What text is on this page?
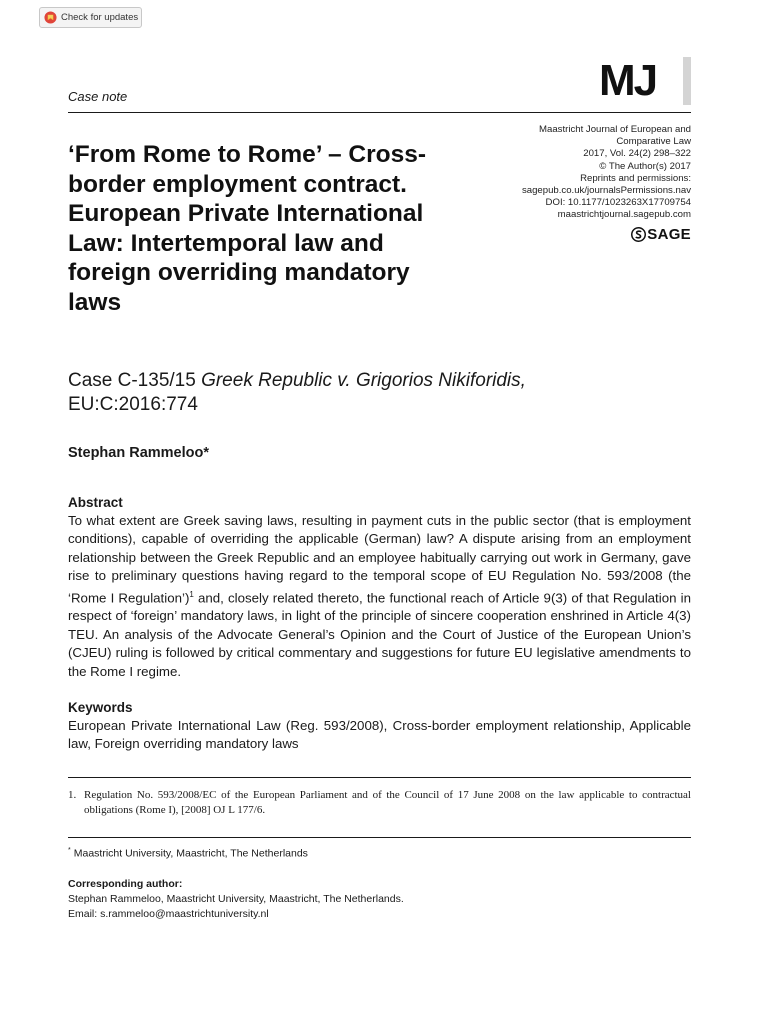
Check for updates
Case note	MJ
‘From Rome to Rome’ – Cross-border employment contract. European Private International Law: Intertemporal law and foreign overriding mandatory laws
Maastricht Journal of European and
Comparative Law
2017, Vol. 24(2) 298–322
© The Author(s) 2017
Reprints and permissions:
sagepub.co.uk/journalsPermissions.nav
DOI: 10.1177/1023263X17709754
maastrichtjournal.sagepub.com
SAGE
Case C-135/15 Greek Republic v. Grigorios Nikiforidis,
EU:C:2016:774
Stephan Rammeloo*
Abstract

To what extent are Greek saving laws, resulting in payment cuts in the public sector (that is employment conditions), capable of overriding the applicable (German) law? A dispute arising from an employment relationship between the Greek Republic and an employee habitually carrying out work in Germany, gave rise to preliminary questions having regard to the temporal scope of EU Regulation No. 593/2008 (the ‘Rome I Regulation’)$^1$ and, closely related thereto, the functional reach of Article 9(3) of that Regulation in respect of ‘foreign’ mandatory laws, in light of the principle of sincere cooperation enshrined in Article 4(3) TEU. An analysis of the Advocate General’s Opinion and the Court of Justice of the European Union’s (CJEU) ruling is followed by critical commentary and suggestions for future EU legislative amendments to the Rome I regime.

Keywords

European Private International Law (Reg. 593/2008), Cross-border employment relationship, Applicable law, Foreign overriding mandatory laws

1. Regulation No. 593/2008/EC of the European Parliament and of the Council of 17 June 2008 on the law applicable to contractual obligations (Rome I), [2008] OJ L 177/6.
* Maastricht University, Maastricht, The Netherlands
Corresponding author:
Stephan Rammeloo, Maastricht University, Maastricht, The Netherlands.
Email: s.rammeloo@maastrichtuniversity.nl
